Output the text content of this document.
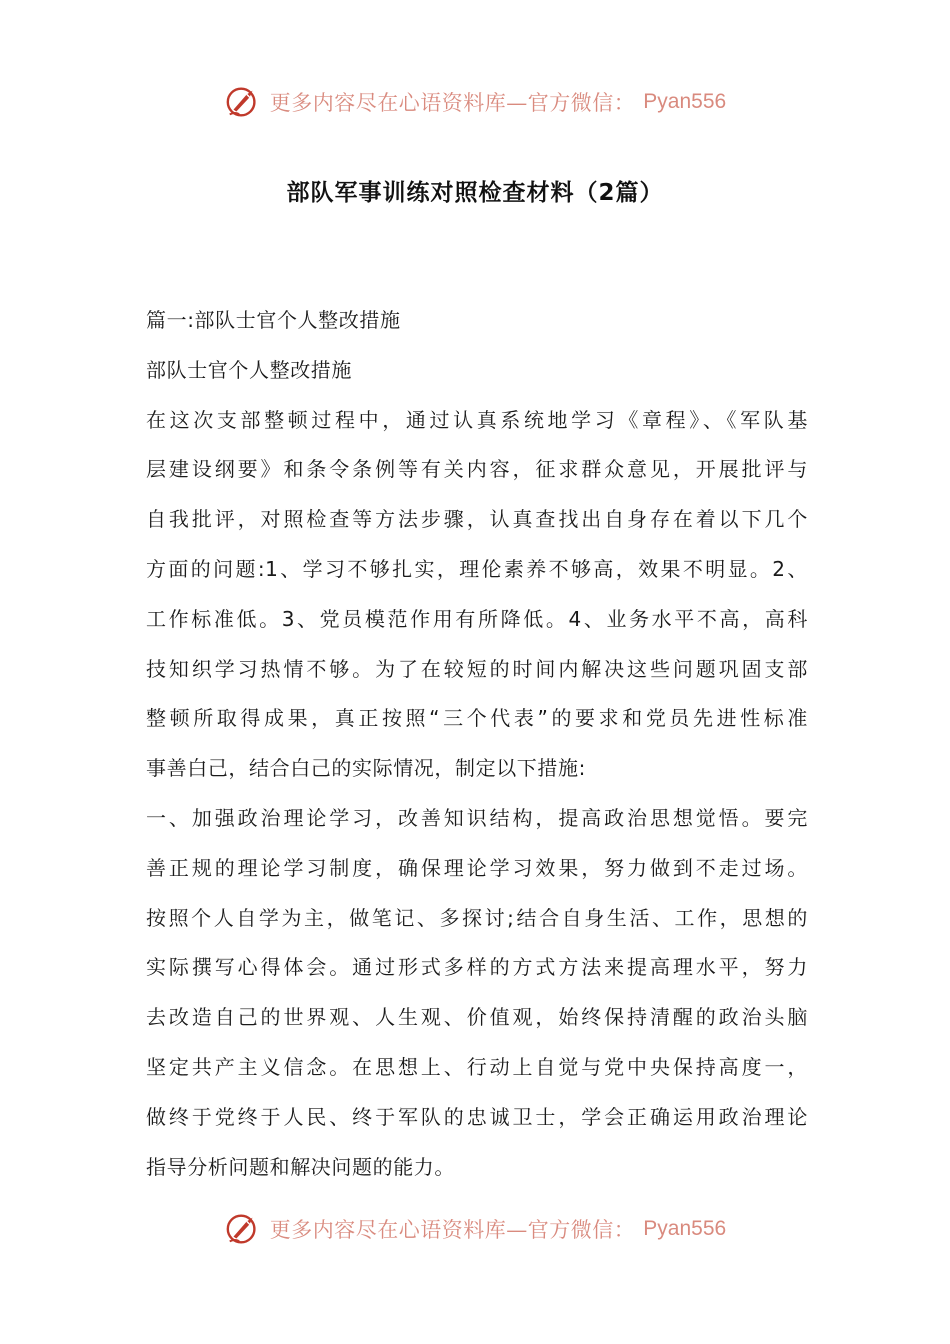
更多内容尽在心语资料库—官方微信： Pyan556
部队军事训练对照检查材料（2篇）
篇一:部队士官个人整改措施
部队士官个人整改措施
在这次支部整顿过程中，通过认真系统地学习《章程》、《军队基
层建设纲要》和条令条例等有关内容，征求群众意见，开展批评与
自我批评，对照检查等方法步骤，认真查找出自身存在着以下几个
方面的问题:1、学习不够扎实，理伦素养不够高，效果不明显。2、
工作标准低。3、党员模范作用有所降低。4、业务水平不高，高科
技知织学习热情不够。为了在较短的时间内解决这些问题巩固支部
整顿所取得成果，真正按照“三个代表”的要求和党员先进性标准
事善白己，结合白己的实际情况，制定以下措施:
一、加强政治理论学习，改善知识结构，提高政治思想觉悟。要完
善正规的理论学习制度，确保理论学习效果，努力做到不走过场。
按照个人自学为主，做笔记、多探讨;结合自身生活、工作，思想的
实际撰写心得体会。通过形式多样的方式方法来提高理水平，努力
去改造自己的世界观、人生观、价值观，始终保持清醒的政治头脑
坚定共产主义信念。在思想上、行动上自觉与党中央保持高度一，
做终于党终于人民、终于军队的忠诚卫士，学会正确运用政治理论
指导分析问题和解决问题的能力。
更多内容尽在心语资料库—官方微信： Pyan556
